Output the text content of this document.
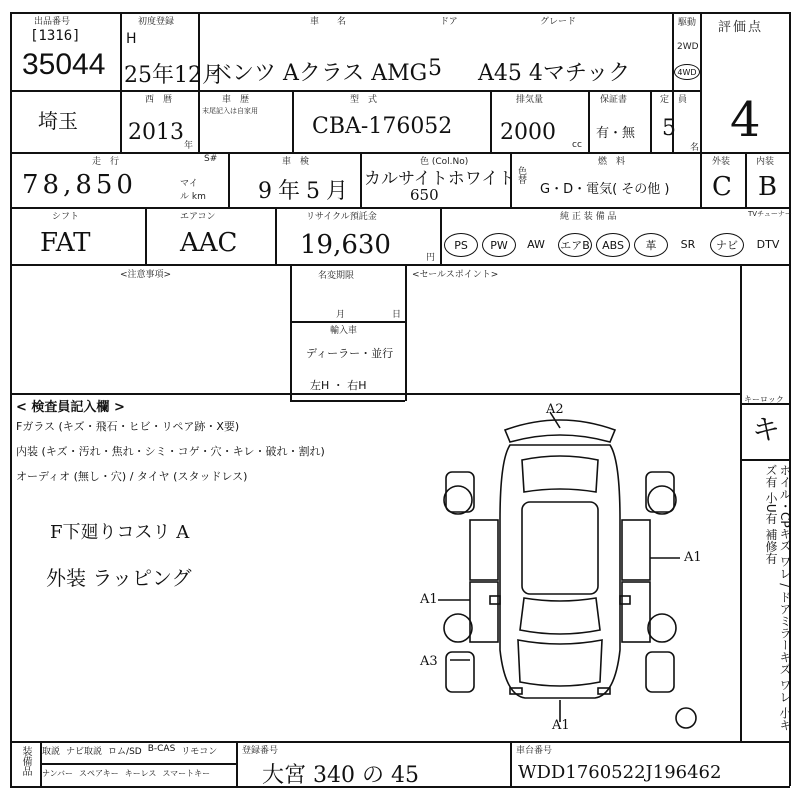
出品番号
[1316]
35044
初度登録
H
25年12月
車　　名	ドア	グレード
ベンツ Aクラス AMG 5 A45 4マチック
駆動
2WD
4WD
評価点
4
埼玉
西　暦
2013
年
車　歴
末尾記入は自家用
型　式
CBA-176052
排気量
2000 cc
保証書
有・無
定　員
5
名
走　行	S#
78,850	マイル km
車　検
9年5月
色 (Col.No)
カルサイトホワイト
650
色替
燃　料
G・D・電気( その他 )
外装
C
内装
B
シフト
FAT
エアコン
AAC
リサイクル預託金
19,630	円
純 正 装 備 品	TVチューナー
PS	PW	AW	エアB	ABS	革	SR	ナビ	DTV
<注意事項>	名変期限
月	日
輸入車
ディーラー・並行
左H ・ 右H
<セールスポイント>
< 検査員記入欄 >
Fガラス (キズ・飛石・ヒビ・リペア跡・X要)
内装 (キズ・汚れ・焦れ・シミ・コゲ・穴・キレ・破れ・割れ)
オーディオ (無し・穴) / タイヤ (スタッドレス)
F下廻りコスリ A
外装 ラッピング
A2
A1
A1
A3
A1
キーロック
キ
ホイル・CPキズ ワレ / ドアミラーキズ ワレ 小キズ有 小U有 補修有
装備品 取説 ナビ取説 ロム/SD B-CAS リモコン
ナンバー スペアキー キーレス スマートキー
登録番号
大宮 340 の 45
車台番号
WDD1760522J196462
